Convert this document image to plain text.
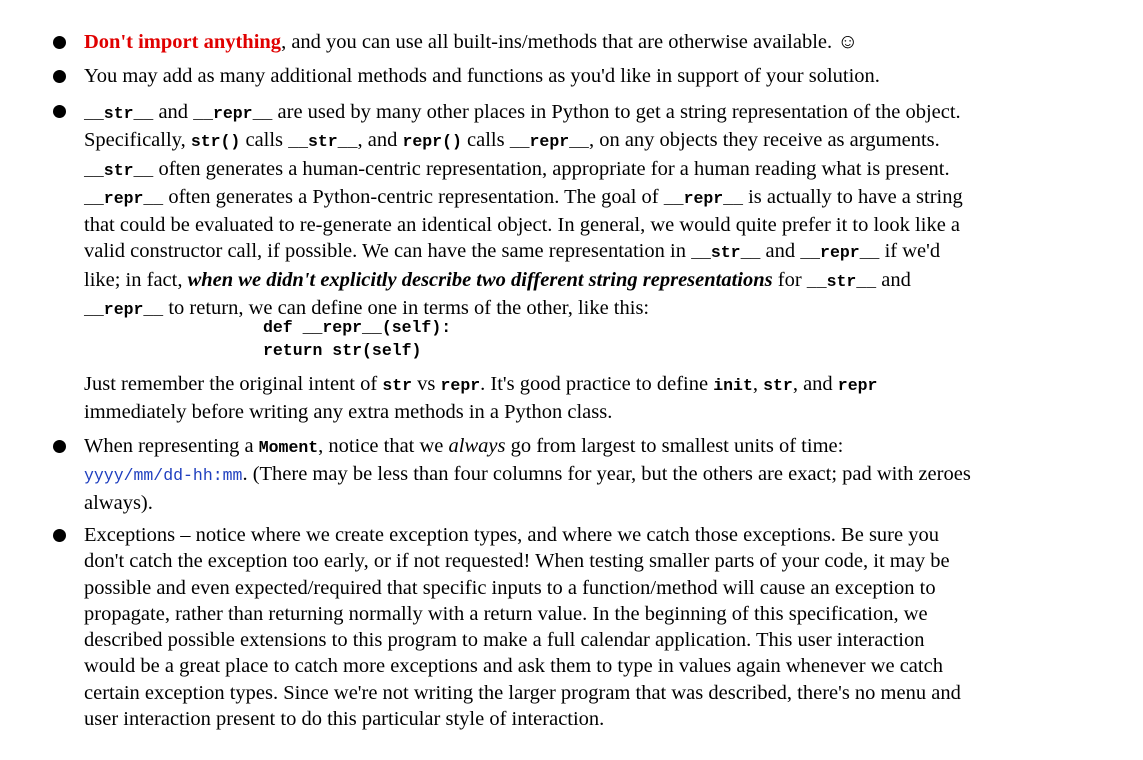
Don't import anything, and you can use all built-ins/methods that are otherwise available. ☺
You may add as many additional methods and functions as you'd like in support of your solution.
__str__ and __repr__ are used by many other places in Python to get a string representation of the object.
Specifically, str() calls __str__, and repr() calls __repr__, on any objects they receive as arguments.
__str__ often generates a human-centric representation, appropriate for a human reading what is present.
__repr__ often generates a Python-centric representation. The goal of __repr__ is actually to have a string
that could be evaluated to re-generate an identical object. In general, we would quite prefer it to look like a
valid constructor call, if possible. We can have the same representation in __str__ and __repr__ if we'd
like; in fact, when we didn't explicitly describe two different string representations for __str__ and
__repr__ to return, we can define one in terms of the other, like this:
def __repr__(self):
return str(self)
Just remember the original intent of str vs repr. It's good practice to define init, str, and repr
immediately before writing any extra methods in a Python class.
When representing a Moment, notice that we always go from largest to smallest units of time:
yyyy/mm/dd-hh:mm. (There may be less than four columns for year, but the others are exact; pad with zeroes
always).
Exceptions – notice where we create exception types, and where we catch those exceptions. Be sure you
don't catch the exception too early, or if not requested! When testing smaller parts of your code, it may be
possible and even expected/required that specific inputs to a function/method will cause an exception to
propagate, rather than returning normally with a return value. In the beginning of this specification, we
described possible extensions to this program to make a full calendar application. This user interaction
would be a great place to catch more exceptions and ask them to type in values again whenever we catch
certain exception types. Since we're not writing the larger program that was described, there's no menu and
user interaction present to do this particular style of interaction.
